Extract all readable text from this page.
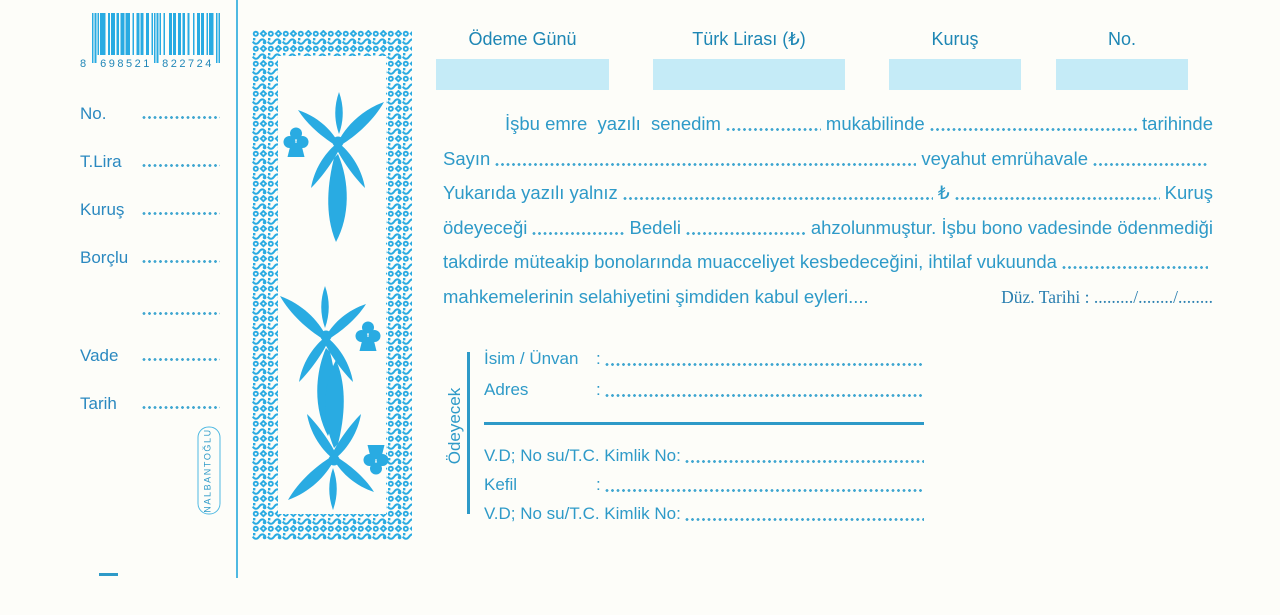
8 698521 822724
No.
T.Lira
Kuruş
Borçlu
Vade
Tarih
NALBANTOĞLU
Ödeme Günü	Türk Lirası (₺)	Kuruş	No.
İşbu emre  yazılı  senedim	mukabilinde	tarihinde
Sayın	veyahut emrühavale
Yukarıda yazılı yalnız	₺	Kuruş
ödeyeceği	Bedeli	ahzolunmuştur. İşbu bono vadesinde ödenmediği
takdirde müteakip bonolarında muacceliyet kesbedeceğini, ihtilaf vukuunda
mahkemelerinin selahiyetini şimdiden kabul eyleri....	Düz. Tarihi : ........./......../........
Ödeyecek
İsim / Ünvan	:
Adres	:
V.D; No su/T.C. Kimlik No :
Kefil	:
V.D; No su/T.C. Kimlik No :
